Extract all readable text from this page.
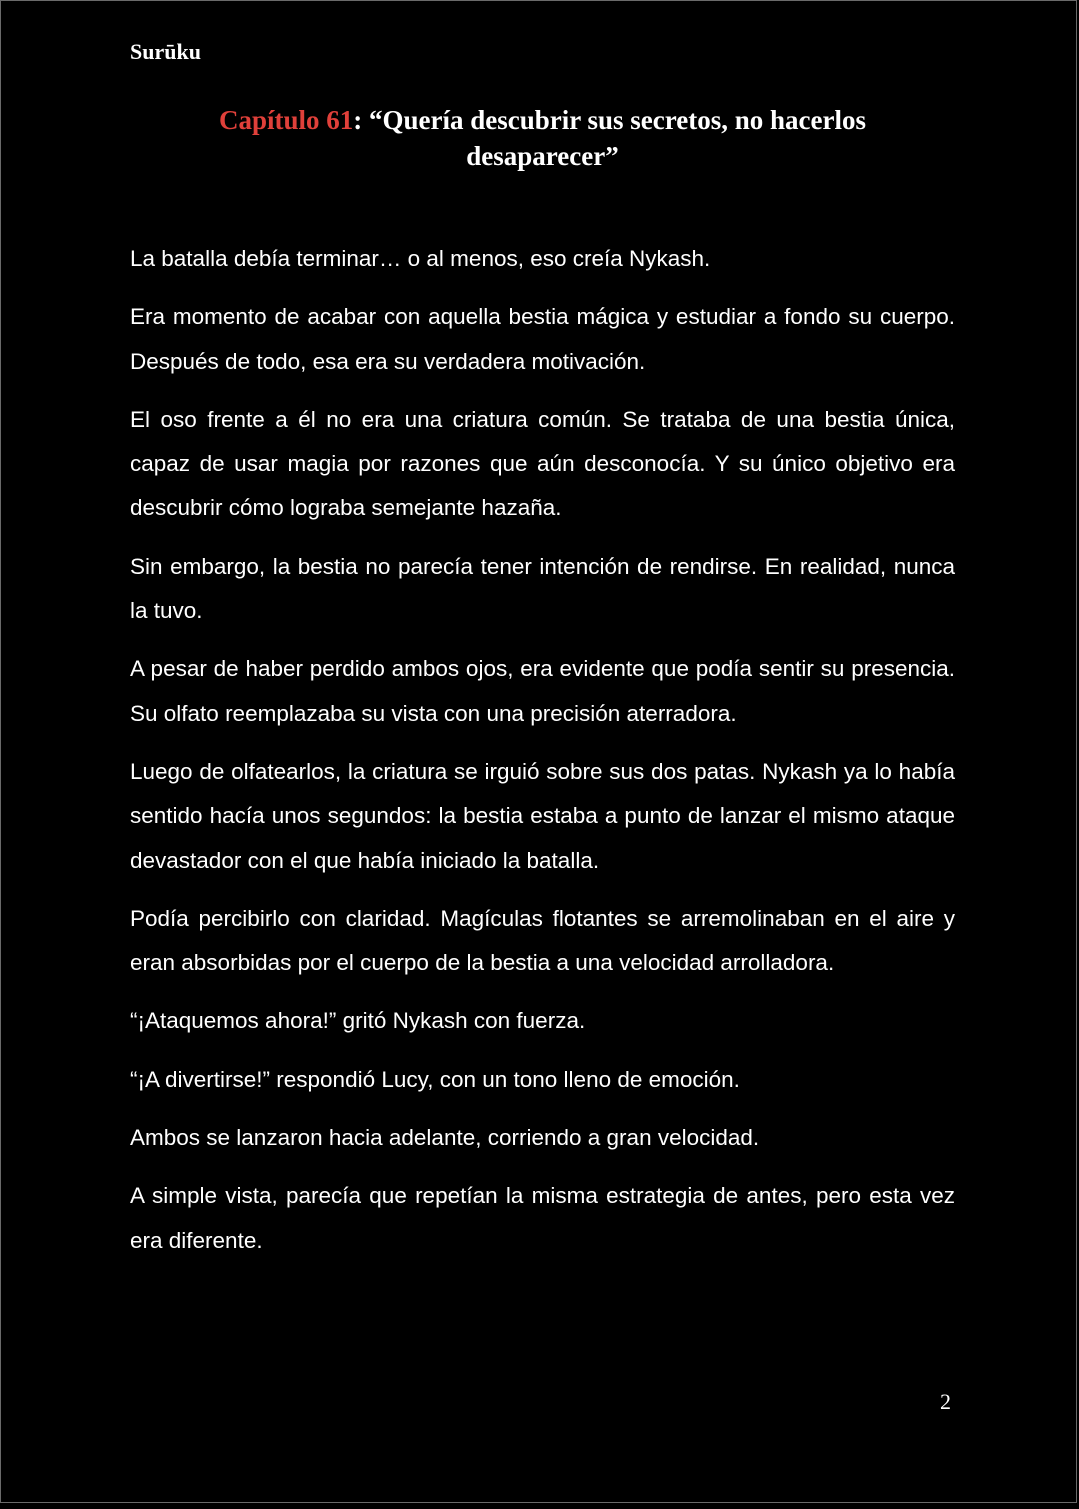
Surūku
Capítulo 61: “Quería descubrir sus secretos, no hacerlos
desaparecer”

La batalla debía terminar… o al menos, eso creía Nykash.

Era momento de acabar con aquella bestia mágica y estudiar a fondo su cuerpo. Después de todo, esa era su verdadera motivación.

El oso frente a él no era una criatura común. Se trataba de una bestia única, capaz de usar magia por razones que aún desconocía. Y su único objetivo era descubrir cómo lograba semejante hazaña.

Sin embargo, la bestia no parecía tener intención de rendirse. En realidad, nunca la tuvo.

A pesar de haber perdido ambos ojos, era evidente que podía sentir su presencia. Su olfato reemplazaba su vista con una precisión aterradora.

Luego de olfatearlos, la criatura se irguió sobre sus dos patas. Nykash ya lo había sentido hacía unos segundos: la bestia estaba a punto de lanzar el mismo ataque devastador con el que había iniciado la batalla.

Podía percibirlo con claridad. Magículas flotantes se arremolinaban en el aire y eran absorbidas por el cuerpo de la bestia a una velocidad arrolladora.

“¡Ataquemos ahora!” gritó Nykash con fuerza.

“¡A divertirse!” respondió Lucy, con un tono lleno de emoción.

Ambos se lanzaron hacia adelante, corriendo a gran velocidad.

A simple vista, parecía que repetían la misma estrategia de antes, pero esta vez era diferente.

2
